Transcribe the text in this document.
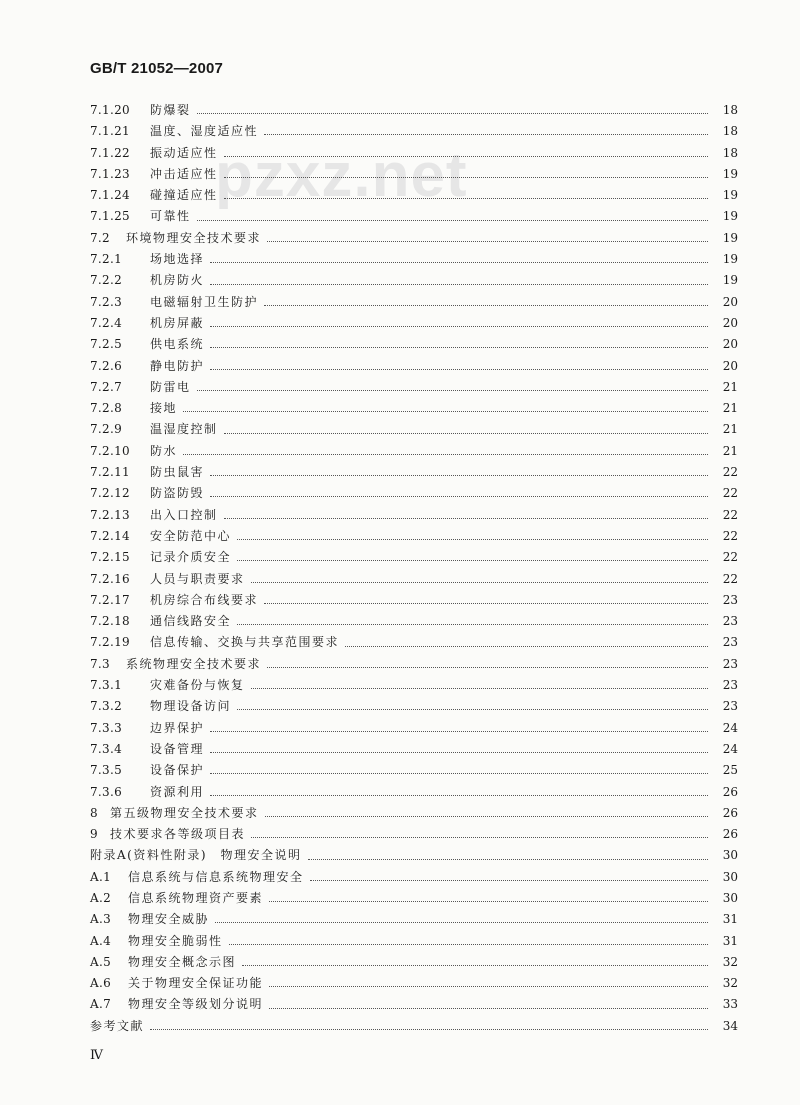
GB/T 21052—2007
pzxz.net
7.1.20	防爆裂	18
7.1.21	温度、湿度适应性	18
7.1.22	振动适应性	18
7.1.23	冲击适应性	19
7.1.24	碰撞适应性	19
7.1.25	可靠性	19
7.2	环境物理安全技术要求	19
7.2.1	场地选择	19
7.2.2	机房防火	19
7.2.3	电磁辐射卫生防护	20
7.2.4	机房屏蔽	20
7.2.5	供电系统	20
7.2.6	静电防护	20
7.2.7	防雷电	21
7.2.8	接地	21
7.2.9	温湿度控制	21
7.2.10	防水	21
7.2.11	防虫鼠害	22
7.2.12	防盗防毁	22
7.2.13	出入口控制	22
7.2.14	安全防范中心	22
7.2.15	记录介质安全	22
7.2.16	人员与职责要求	22
7.2.17	机房综合布线要求	23
7.2.18	通信线路安全	23
7.2.19	信息传输、交换与共享范围要求	23
7.3	系统物理安全技术要求	23
7.3.1	灾难备份与恢复	23
7.3.2	物理设备访问	23
7.3.3	边界保护	24
7.3.4	设备管理	24
7.3.5	设备保护	25
7.3.6	资源利用	26
8	第五级物理安全技术要求	26
9	技术要求各等级项目表	26
附录A(资料性附录)　物理安全说明	30
A.1	信息系统与信息系统物理安全	30
A.2	信息系统物理资产要素	30
A.3	物理安全威胁	31
A.4	物理安全脆弱性	31
A.5	物理安全概念示图	32
A.6	关于物理安全保证功能	32
A.7	物理安全等级划分说明	33
参考文献	34
Ⅳ
